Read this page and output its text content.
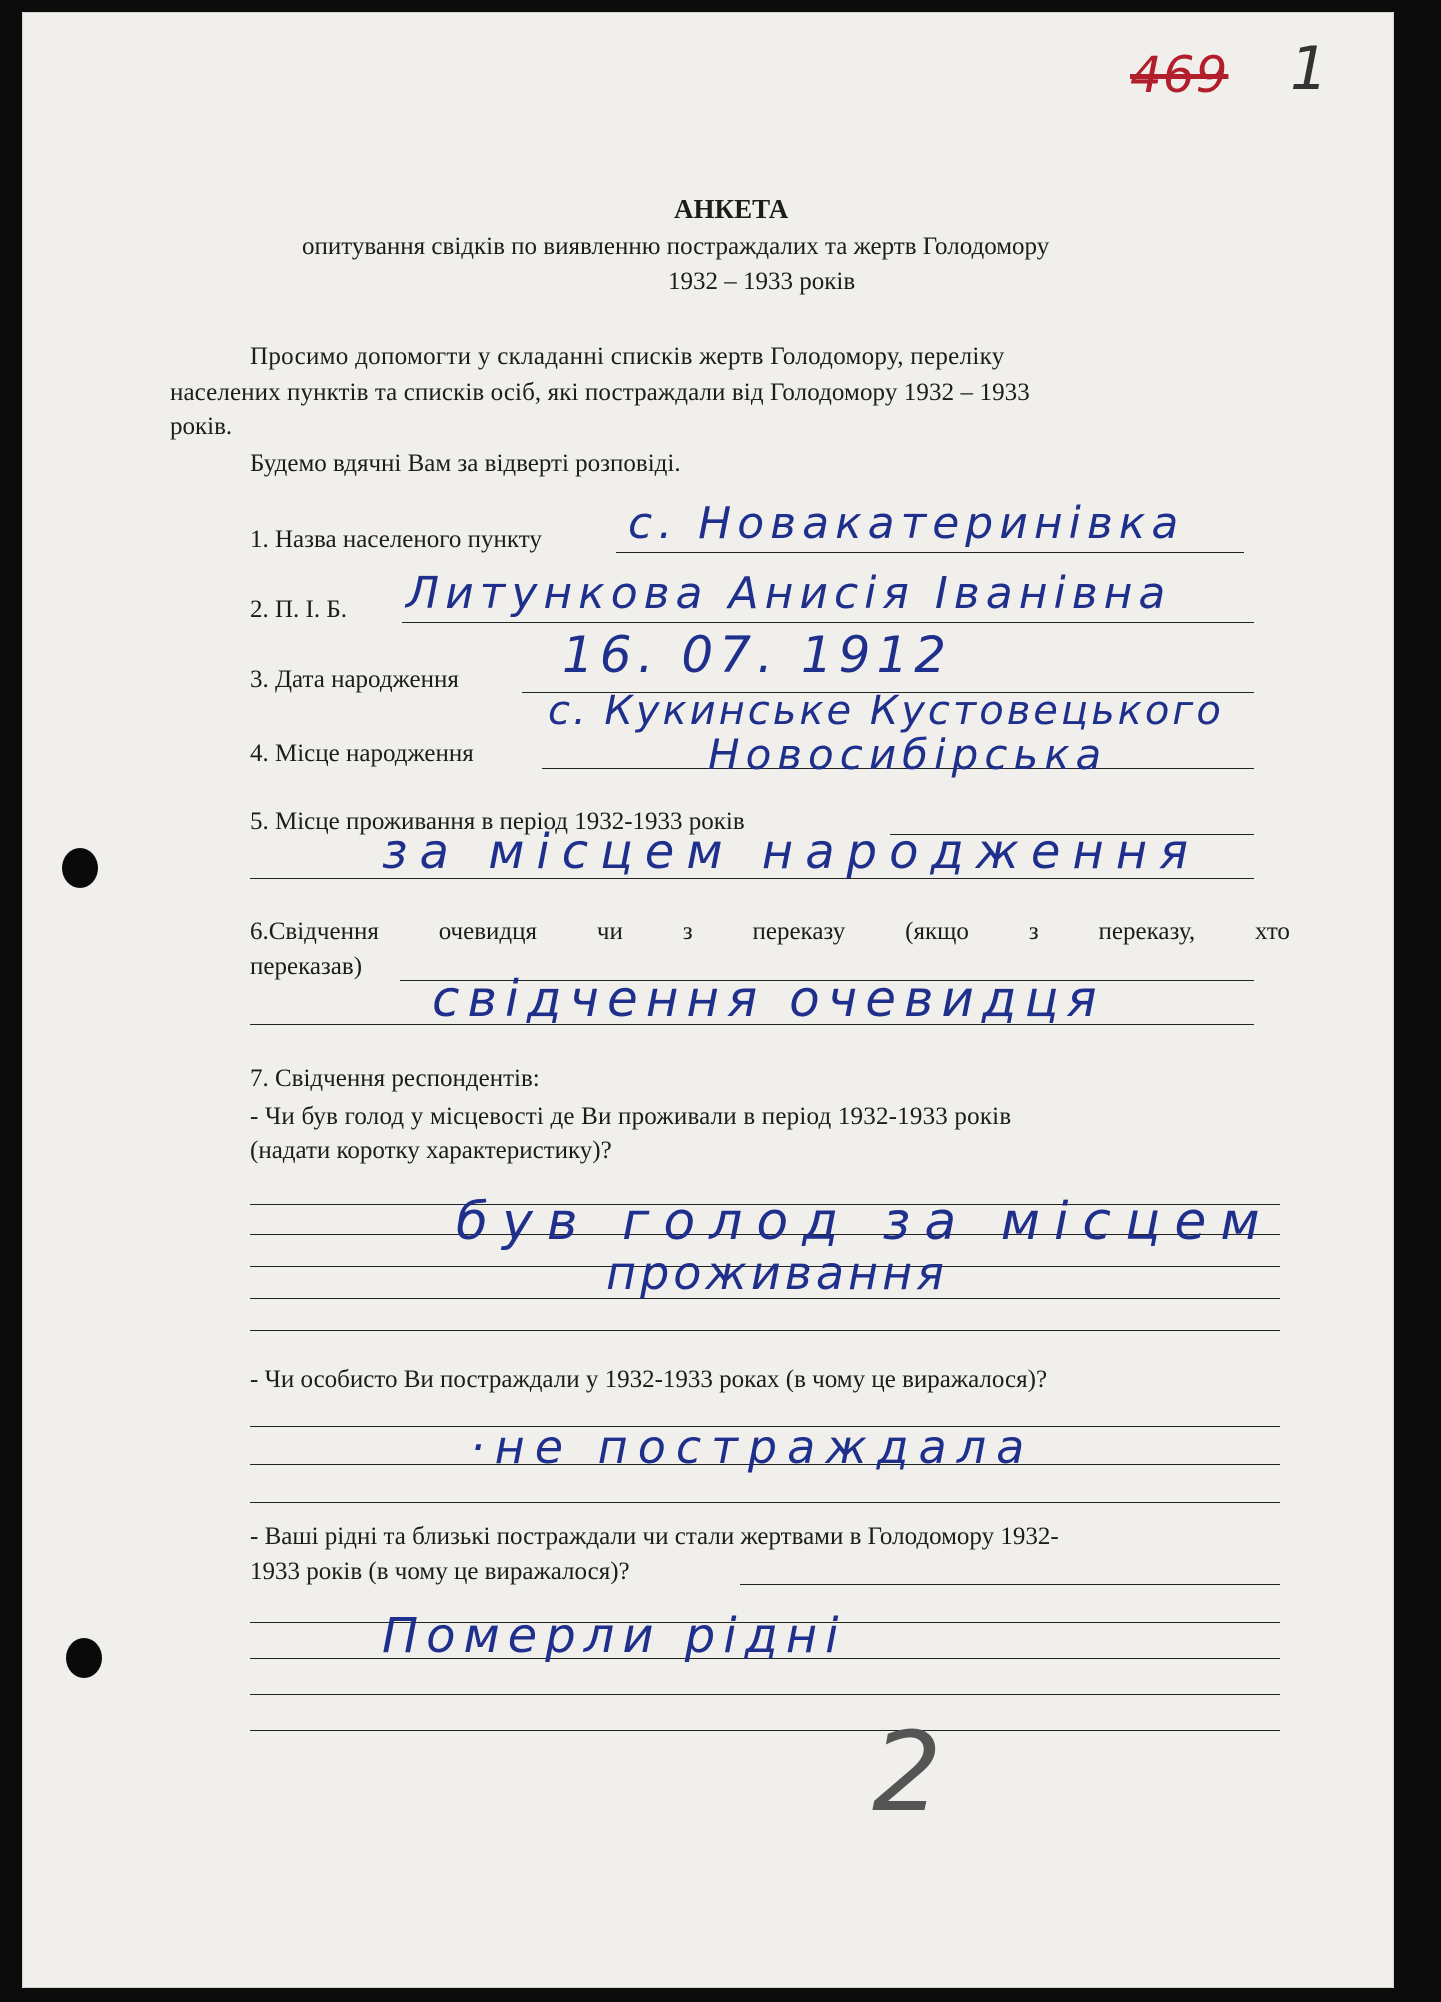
469 1
АНКЕТА
опитування свідків по виявленню постраждалих та жертв Голодомору
1932 – 1933 років
Просимо допомогти у складанні списків жертв Голодомору, переліку
населених пунктів та списків осіб, які постраждали від Голодомору 1932 – 1933
років.
Будемо вдячні Вам за відверті розповіді.
1. Назва населеного пункту с. Новакатеринівка
2. П. І. Б. Литункова Анисія Іванівна
3. Дата народження 16. 07. 1912
с. Кукинське Кустовецького
4. Місце народження	Новосибірська
5. Місце проживання в період 1932-1933 років
за місцем народження
6.Свідчення очевидця чи з переказу (якщо з переказу, хто
переказав)
свідчення очевидця
7. Свідчення респондентів:
- Чи був голод у місцевості де Ви проживали в період 1932-1933 років
(надати коротку характеристику)?
був голод за місцем
проживання
- Чи особисто Ви постраждали у 1932-1933 роках (в чому це виражалося)?
·не постраждала
- Ваші рідні та близькі постраждали чи стали жертвами в Голодомору 1932-
1933 років (в чому це виражалося)?
Померли рідні
2
